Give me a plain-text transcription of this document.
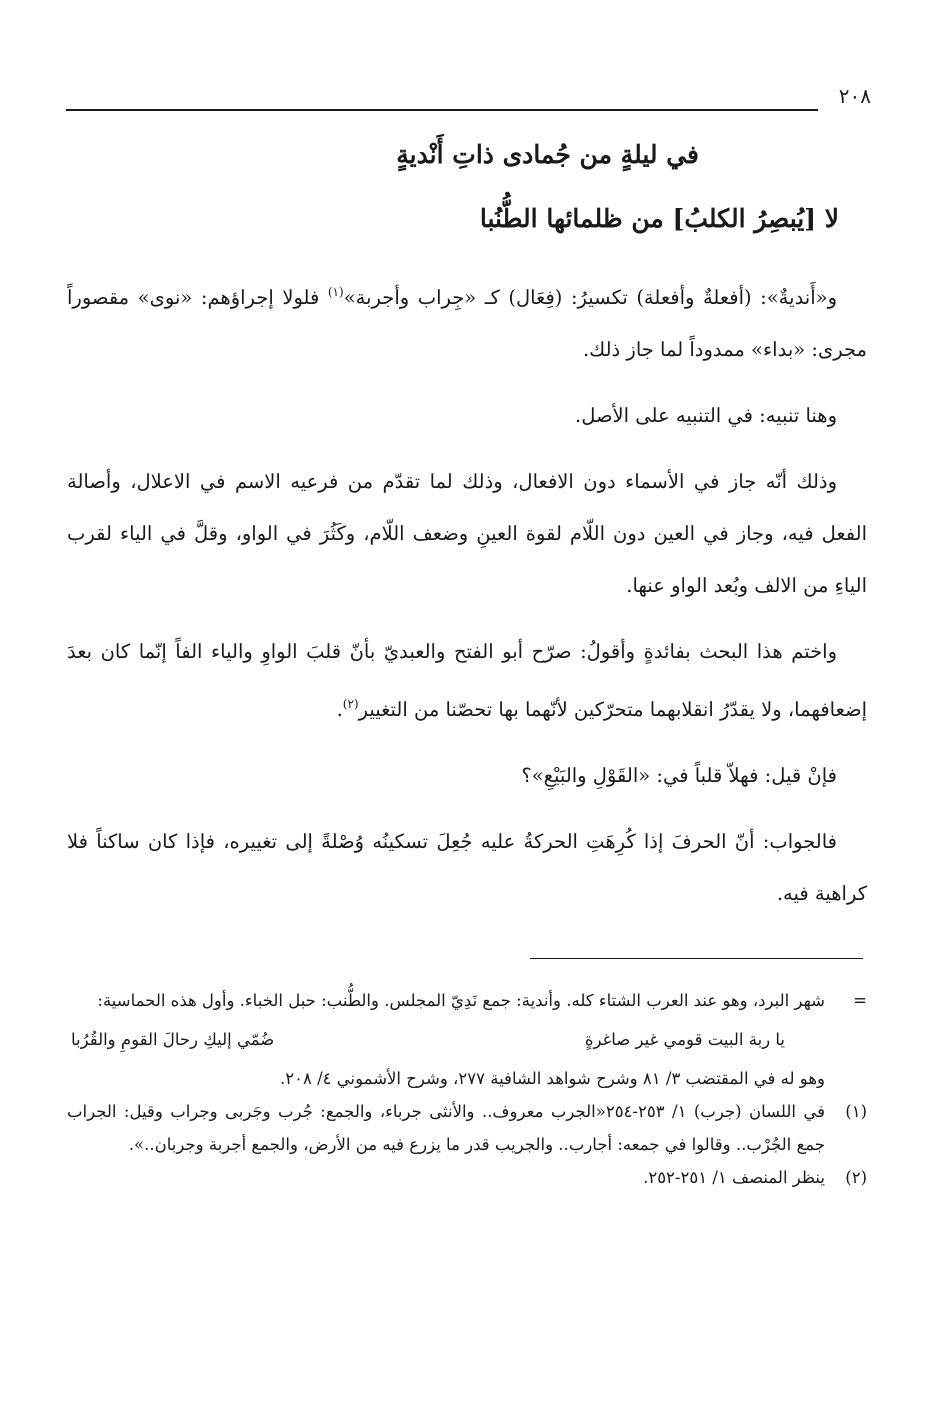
٢٠٨
في ليلةٍ من جُمادى ذاتِ أَنْديةٍ
لا [يُبصِرُ الكلبُ] من ظلمائها الطُّنُبا

و«أَنديةٌ»: (أفعلةٌ وأفعلة) تكسيرُ: (فِعَال) كـ «جِراب وأجربة»$^{(١)}$ فلولا إجراؤهم: «نوى» مقصوراً مجرى: «بداء» ممدوداً لما جاز ذلك.

وهنا تنبيه: في التنبيه على الأصل.

وذلك أنّه جاز في الأسماء دون الافعال، وذلك لما تقدّم من فرعيه الاسم في الاعلال، وأصالة الفعل فيه، وجاز في العين دون اللّام لقوة العينِ وضعف اللّام، وكَثُرَ في الواو، وقلَّ في الياء لقرب الياءِ من الالف وبُعد الواو عنها.

واختم هذا البحث بفائدةٍ وأقولُ: صرّح أبو الفتح والعبديّ بأنّ قلبَ الواوِ والياء الفاً إنّما كان بعدَ إضعافهما، ولا يقدّرُ انقلابهما متحرّكين لأنّهما بها تحصّنا من التغيير$^{(٢)}$.

فإنْ قيل: فهلاّ قلباً في: «القَوْلِ والبَيْعِ»؟

فالجواب: أنّ الحرفَ إذا كُرِهَتِ الحركةُ عليه جُعِلَ تسكينُه وُصْلةً إلى تغييره، فإذا كان ساكناً فلا كراهية فيه.

=
شهر البرد، وهو عند العرب الشتاء كله. وأندية: جمع نَدِيّ المجلس. والطُّنب: حبل الخباء. وأول هذه الحماسية:
يا ربة البيت قومي غير صاغرةٍ
ضُمّي إليكِ رحالَ القومِ والقُرُبا
وهو له في المقتضب ٣/ ٨١ وشرح شواهد الشافية ٢٧٧، وشرح الأشموني ٤/ ٢٠٨.
(١)
في اللسان (جرب) ١/ ٢٥٣-٢٥٤«الجرب معروف.. والأنثى جرباء، والجمع: جُرب وجَربى وجراب وقيل: الجراب جمع الجُرْب.. وقالوا في جمعه: أجارب.. والجريب قدر ما يزرع فيه من الأرض، والجمع أجربة وجربان..».
(٢)
ينظر المنصف ١/ ٢٥١-٢٥٢.
